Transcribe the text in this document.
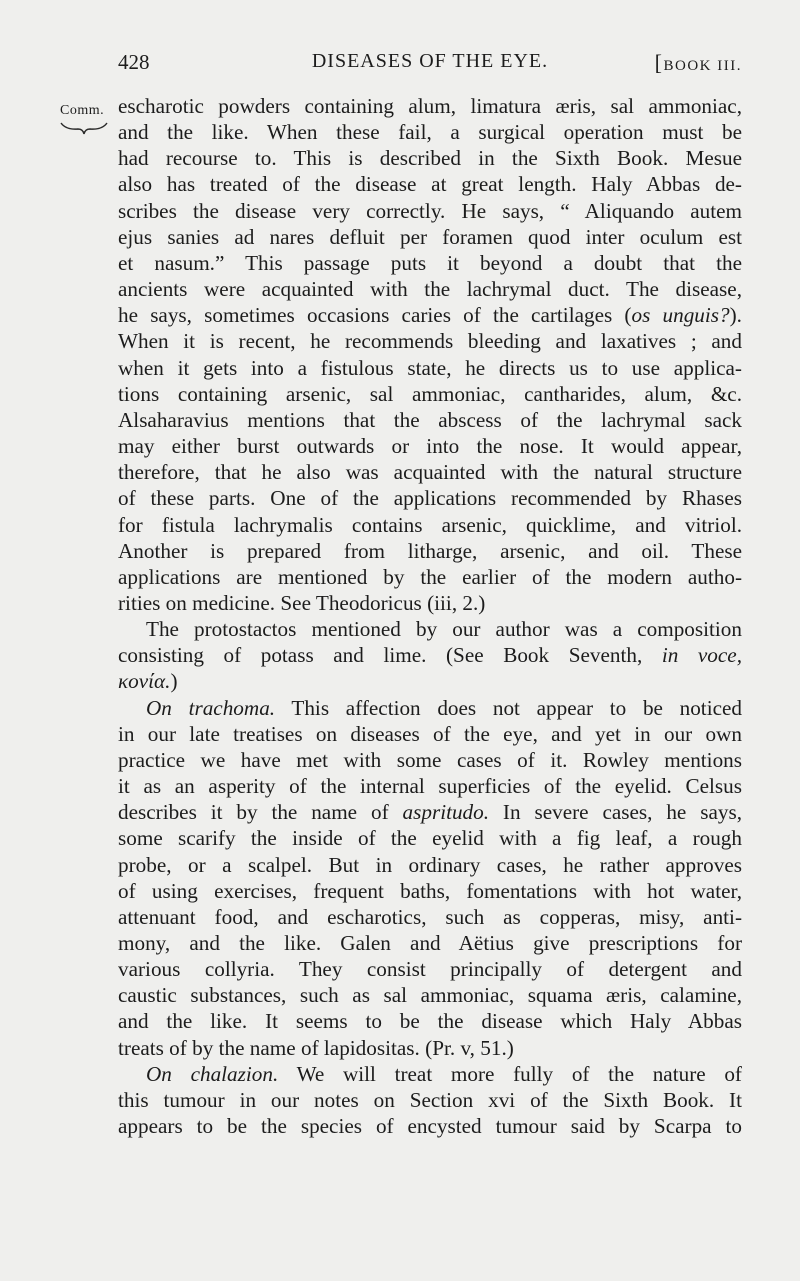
428	DISEASES OF THE EYE.	[BOOK III.
Comm. escharotic powders containing alum, limatura æris, sal ammoniac,
and the like. When these fail, a surgical operation must be
had recourse to. This is described in the Sixth Book. Mesue
also has treated of the disease at great length. Haly Abbas de-
scribes the disease very correctly. He says, “ Aliquando autem
ejus sanies ad nares defluit per foramen quod inter oculum est
et nasum.” This passage puts it beyond a doubt that the
ancients were acquainted with the lachrymal duct. The disease,
he says, sometimes occasions caries of the cartilages (os unguis?).
When it is recent, he recommends bleeding and laxatives ; and
when it gets into a fistulous state, he directs us to use applica-
tions containing arsenic, sal ammoniac, cantharides, alum, &c.
Alsaharavius mentions that the abscess of the lachrymal sack
may either burst outwards or into the nose. It would appear,
therefore, that he also was acquainted with the natural structure
of these parts. One of the applications recommended by Rhases
for fistula lachrymalis contains arsenic, quicklime, and vitriol.
Another is prepared from litharge, arsenic, and oil. These
applications are mentioned by the earlier of the modern autho-
rities on medicine. See Theodoricus (iii, 2.)

The protostactos mentioned by our author was a composition
consisting of potass and lime. (See Book Seventh, in voce,
κονία.)

On trachoma. This affection does not appear to be noticed
in our late treatises on diseases of the eye, and yet in our own
practice we have met with some cases of it. Rowley mentions
it as an asperity of the internal superficies of the eyelid. Celsus
describes it by the name of aspritudo. In severe cases, he says,
some scarify the inside of the eyelid with a fig leaf, a rough
probe, or a scalpel. But in ordinary cases, he rather approves
of using exercises, frequent baths, fomentations with hot water,
attenuant food, and escharotics, such as copperas, misy, anti-
mony, and the like. Galen and Aëtius give prescriptions for
various collyria. They consist principally of detergent and
caustic substances, such as sal ammoniac, squama æris, calamine,
and the like. It seems to be the disease which Haly Abbas
treats of by the name of lapidositas. (Pr. v, 51.)

On chalazion. We will treat more fully of the nature of
this tumour in our notes on Section xvi of the Sixth Book. It
appears to be the species of encysted tumour said by Scarpa to
